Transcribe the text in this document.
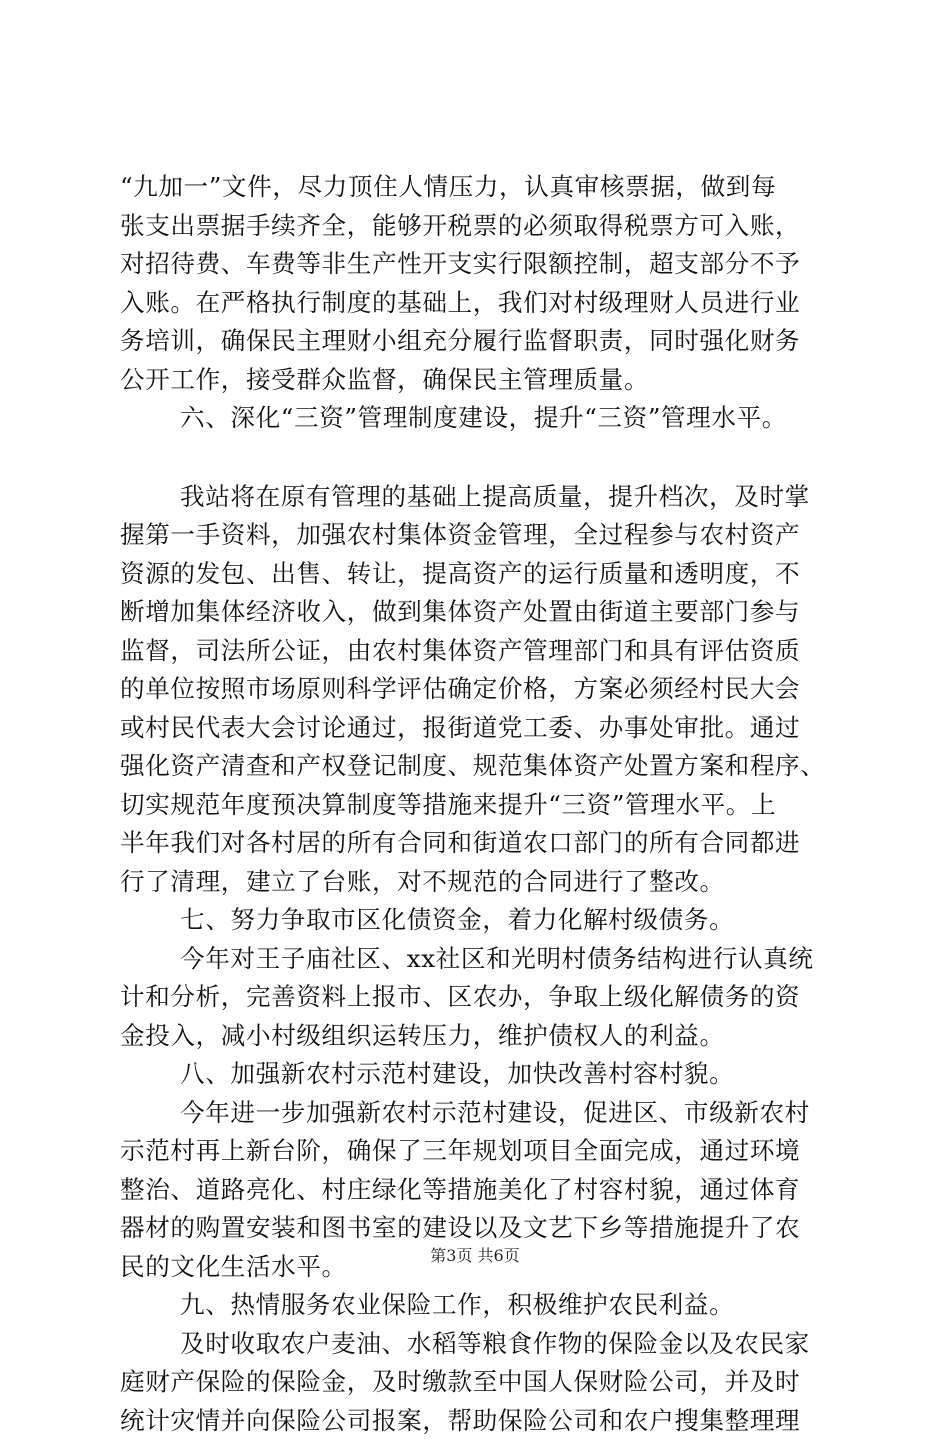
“九加一”文件，尽力顶住人情压力，认真审核票据，做到每
张支出票据手续齐全，能够开税票的必须取得税票方可入账，
对招待费、车费等非生产性开支实行限额控制，超支部分不予
入账。在严格执行制度的基础上，我们对村级理财人员进行业
务培训，确保民主理财小组充分履行监督职责，同时强化财务
公开工作，接受群众监督，确保民主管理质量。
六、深化“三资”管理制度建设，提升“三资”管理水平。
我站将在原有管理的基础上提高质量，提升档次，及时掌
握第一手资料，加强农村集体资金管理，全过程参与农村资产
资源的发包、出售、转让，提高资产的运行质量和透明度，不
断增加集体经济收入，做到集体资产处置由街道主要部门参与
监督，司法所公证，由农村集体资产管理部门和具有评估资质
的单位按照市场原则科学评估确定价格，方案必须经村民大会
或村民代表大会讨论通过，报街道党工委、办事处审批。通过
强化资产清查和产权登记制度、规范集体资产处置方案和程序、
切实规范年度预决算制度等措施来提升“三资”管理水平。上
半年我们对各村居的所有合同和街道农口部门的所有合同都进
行了清理，建立了台账，对不规范的合同进行了整改。
七、努力争取市区化债资金，着力化解村级债务。
今年对王子庙社区、xx社区和光明村债务结构进行认真统
计和分析，完善资料上报市、区农办，争取上级化解债务的资
金投入，减小村级组织运转压力，维护债权人的利益。
八、加强新农村示范村建设，加快改善村容村貌。
今年进一步加强新农村示范村建设，促进区、市级新农村
示范村再上新台阶，确保了三年规划项目全面完成，通过环境
整治、道路亮化、村庄绿化等措施美化了村容村貌，通过体育
器材的购置安装和图书室的建设以及文艺下乡等措施提升了农
民的文化生活水平。
九、热情服务农业保险工作，积极维护农民利益。
及时收取农户麦油、水稻等粮食作物的保险金以及农民家
庭财产保险的保险金，及时缴款至中国人保财险公司，并及时
统计灾情并向保险公司报案，帮助保险公司和农户搜集整理理
第3页 共6页
